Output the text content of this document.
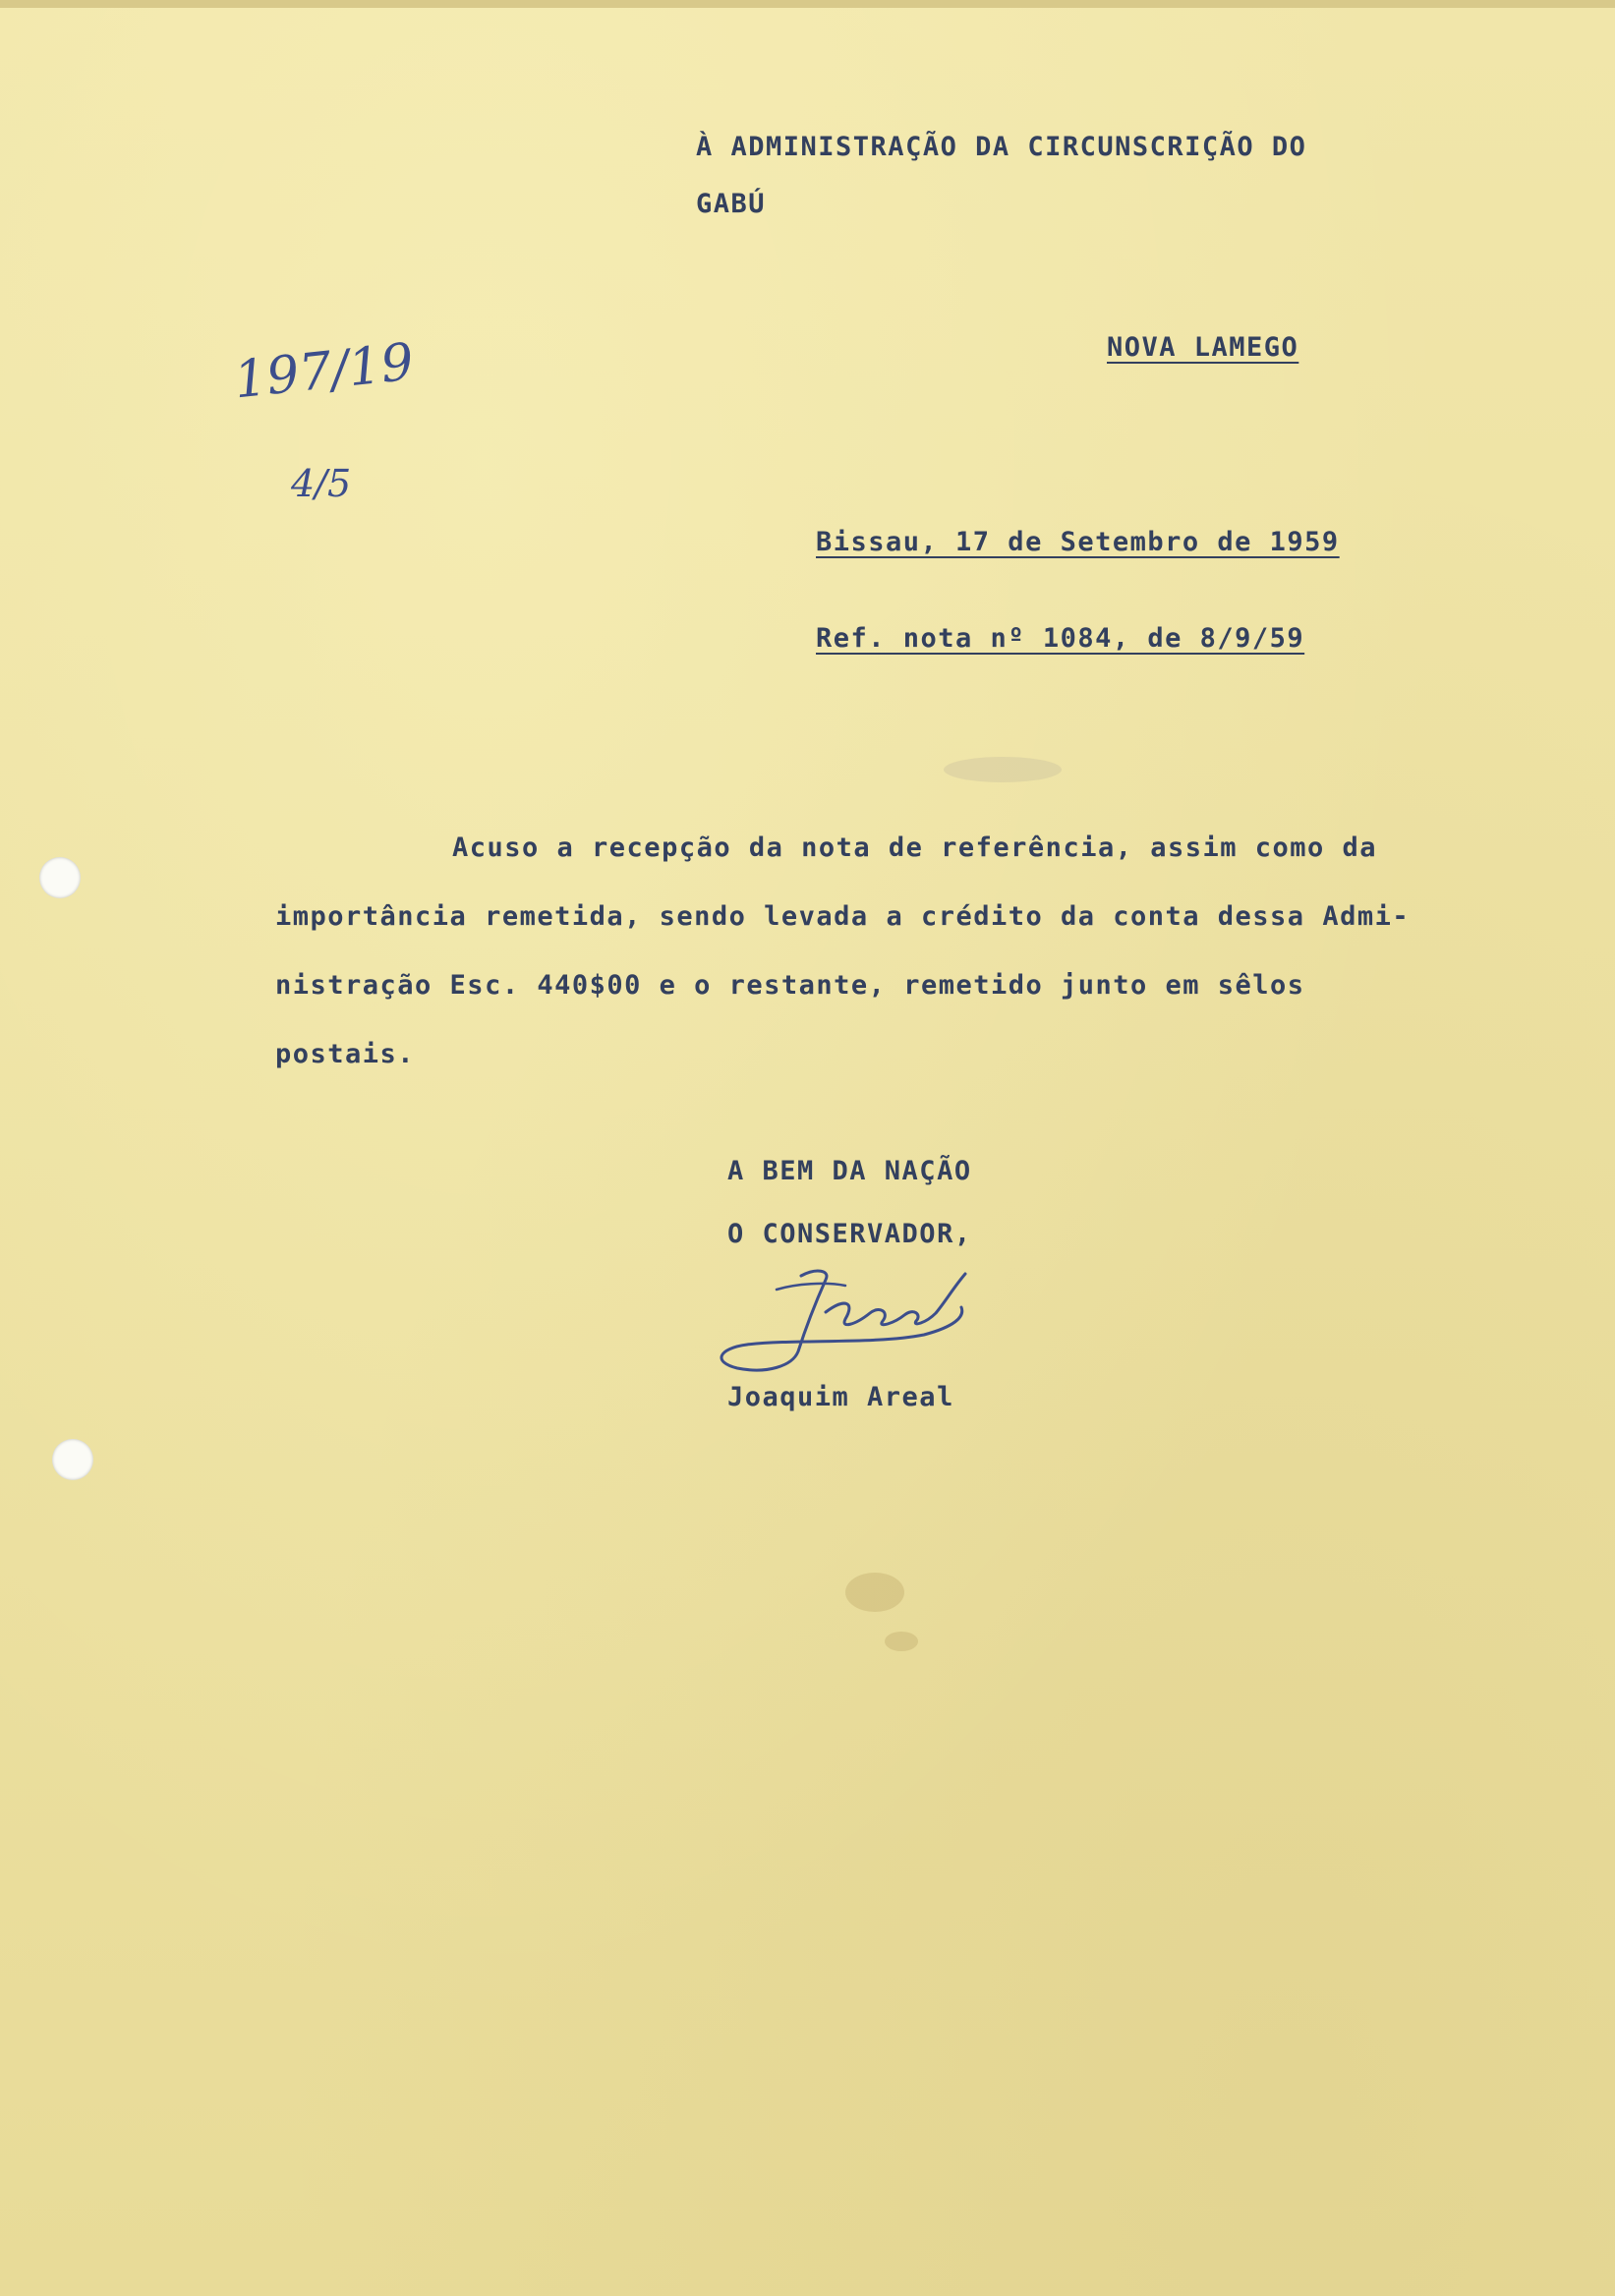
À ADMINISTRAÇÃO DA CIRCUNSCRIÇÃO DO
GABÚ
NOVA LAMEGO
197/19
4/5
Bissau, 17 de Setembro de 1959
Ref. nota nº 1084, de 8/9/59
Acuso a recepção da nota de referência, assim como da
importância remetida, sendo levada a crédito da conta dessa Admi-
nistração Esc. 440$00 e o restante, remetido junto em sêlos
postais.
A BEM DA NAÇÃO
O CONSERVADOR,
Joaquim Areal
